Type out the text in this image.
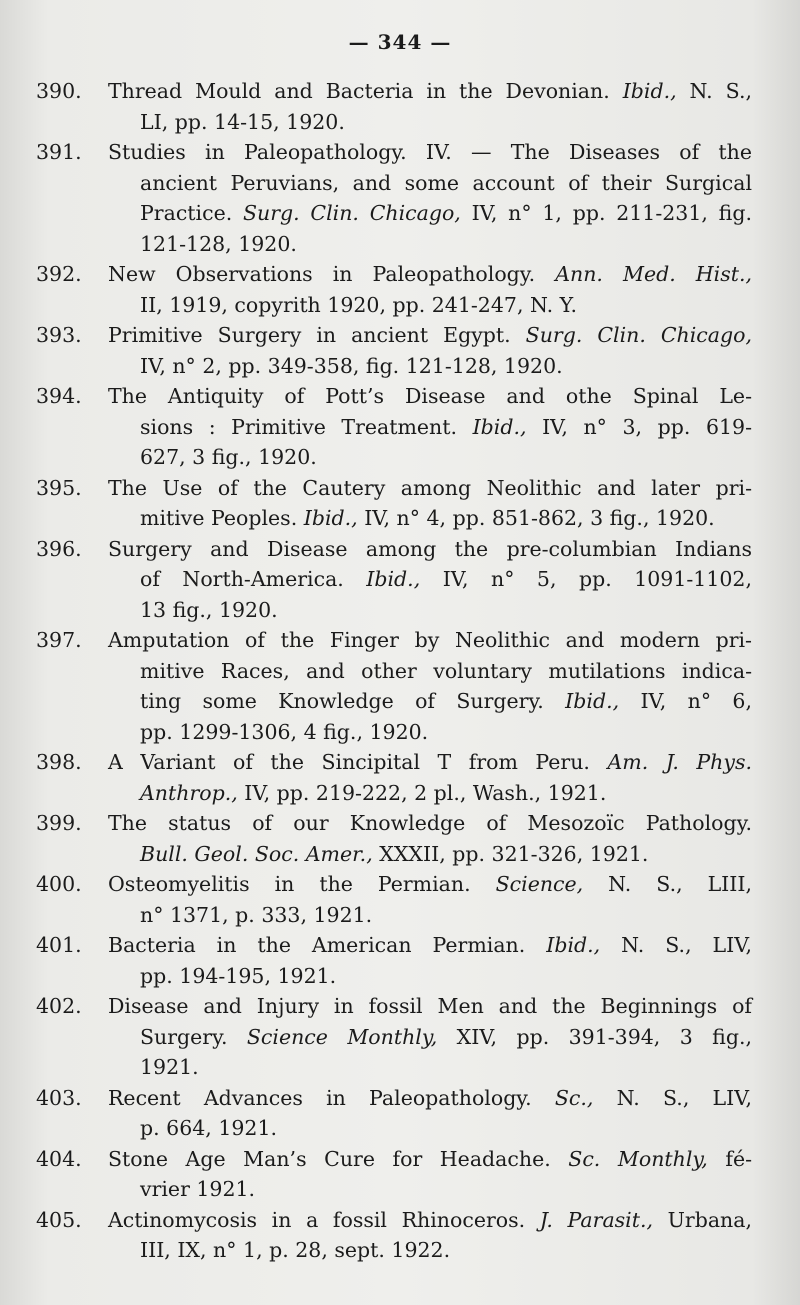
— 344 —
390.	Thread Mould and Bacteria in the Devonian. Ibid., N. S.,
LI, pp. 14-15, 1920.
391.	Studies in Paleopathology. IV. — The Diseases of the
ancient Peruvians, and some account of their Surgical
Practice. Surg. Clin. Chicago, IV, n° 1, pp. 211-231, fig.
121-128, 1920.
392.	New Observations in Paleopathology. Ann. Med. Hist.,
II, 1919, copyrith 1920, pp. 241-247, N. Y.
393.	Primitive Surgery in ancient Egypt. Surg. Clin. Chicago,
IV, n° 2, pp. 349-358, fig. 121-128, 1920.
394.	The Antiquity of Pott’s Disease and othe Spinal Le-
sions : Primitive Treatment. Ibid., IV, n° 3, pp. 619-
627, 3 fig., 1920.
395.	The Use of the Cautery among Neolithic and later pri-
mitive Peoples. Ibid., IV, n° 4, pp. 851-862, 3 fig., 1920.
396.	Surgery and Disease among the pre-columbian Indians
of North-America. Ibid., IV, n° 5, pp. 1091-1102,
13 fig., 1920.
397.	Amputation of the Finger by Neolithic and modern pri-
mitive Races, and other voluntary mutilations indica-
ting some Knowledge of Surgery. Ibid., IV, n° 6,
pp. 1299-1306, 4 fig., 1920.
398.	A Variant of the Sincipital T from Peru. Am. J. Phys.
Anthrop., IV, pp. 219-222, 2 pl., Wash., 1921.
399.	The status of our Knowledge of Mesozoïc Pathology.
Bull. Geol. Soc. Amer., XXXII, pp. 321-326, 1921.
400.	Osteomyelitis in the Permian. Science, N. S., LIII,
n° 1371, p. 333, 1921.
401.	Bacteria in the American Permian. Ibid., N. S., LIV,
pp. 194-195, 1921.
402.	Disease and Injury in fossil Men and the Beginnings of
Surgery. Science Monthly, XIV, pp. 391-394, 3 fig.,
1921.
403.	Recent Advances in Paleopathology. Sc., N. S., LIV,
p. 664, 1921.
404.	Stone Age Man’s Cure for Headache. Sc. Monthly, fé-
vrier 1921.
405.	Actinomycosis in a fossil Rhinoceros. J. Parasit., Urbana,
III, IX, n° 1, p. 28, sept. 1922.
